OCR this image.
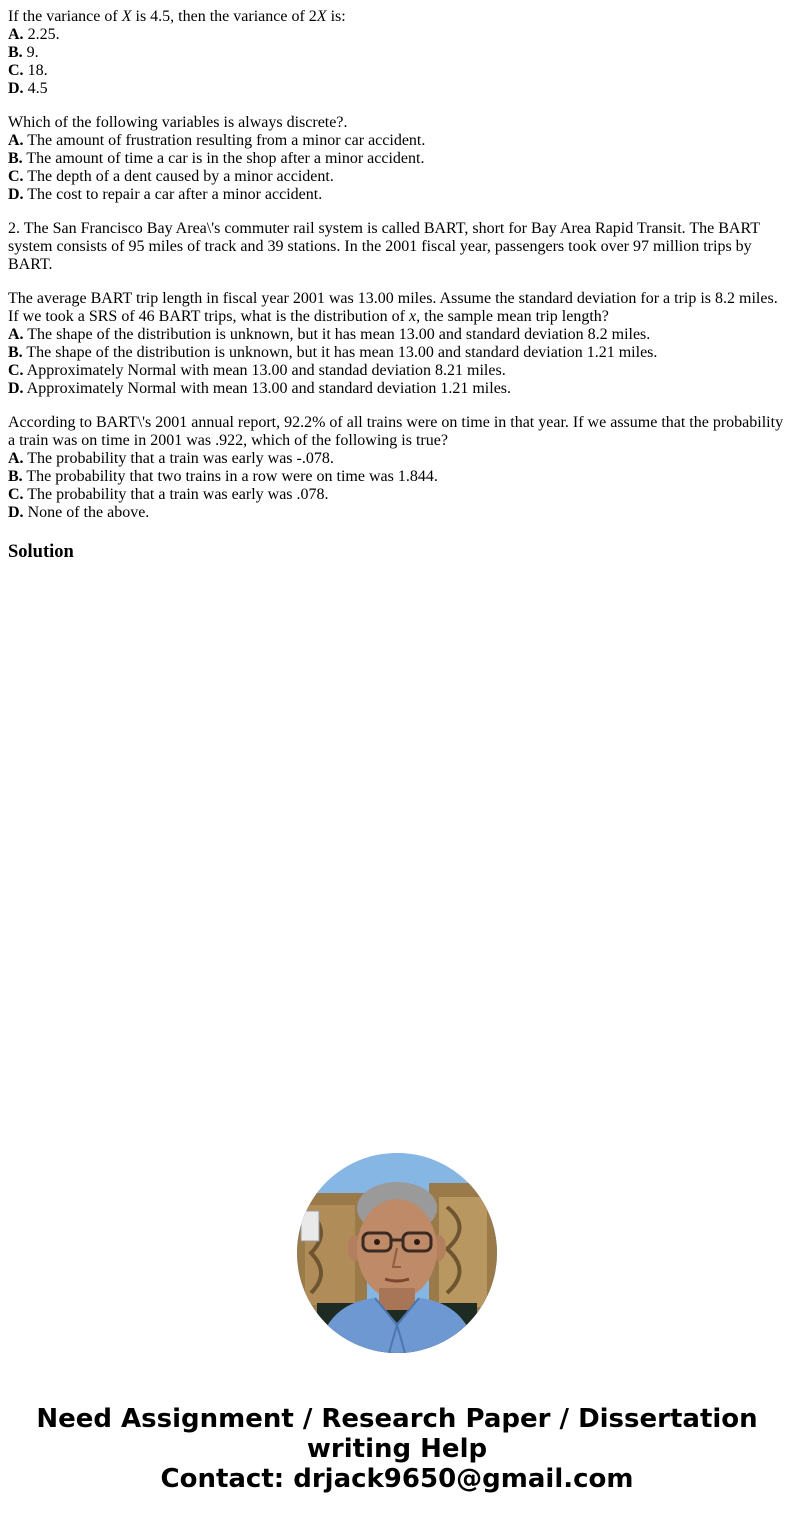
If the variance of X is 4.5, then the variance of 2X is:
A. 2.25.
B. 9.
C. 18.
D. 4.5
Which of the following variables is always discrete?.
A. The amount of frustration resulting from a minor car accident.
B. The amount of time a car is in the shop after a minor accident.
C. The depth of a dent caused by a minor accident.
D. The cost to repair a car after a minor accident.
2. The San Francisco Bay Area\'s commuter rail system is called BART, short for Bay Area Rapid Transit. The BART system consists of 95 miles of track and 39 stations. In the 2001 fiscal year, passengers took over 97 million trips by BART.
The average BART trip length in fiscal year 2001 was 13.00 miles. Assume the standard deviation for a trip is 8.2 miles. If we took a SRS of 46 BART trips, what is the distribution of x, the sample mean trip length?
A. The shape of the distribution is unknown, but it has mean 13.00 and standard deviation 8.2 miles.
B. The shape of the distribution is unknown, but it has mean 13.00 and standard deviation 1.21 miles.
C. Approximately Normal with mean 13.00 and standad deviation 8.21 miles.
D. Approximately Normal with mean 13.00 and standard deviation 1.21 miles.
According to BART\'s 2001 annual report, 92.2% of all trains were on time in that year. If we assume that the probability a train was on time in 2001 was .922, which of the following is true?
A. The probability that a train was early was -.078.
B. The probability that two trains in a row were on time was 1.844.
C. The probability that a train was early was .078.
D. None of the above.
Solution
Need Assignment / Research Paper / Dissertation
writing Help
Contact: drjack9650@gmail.com
